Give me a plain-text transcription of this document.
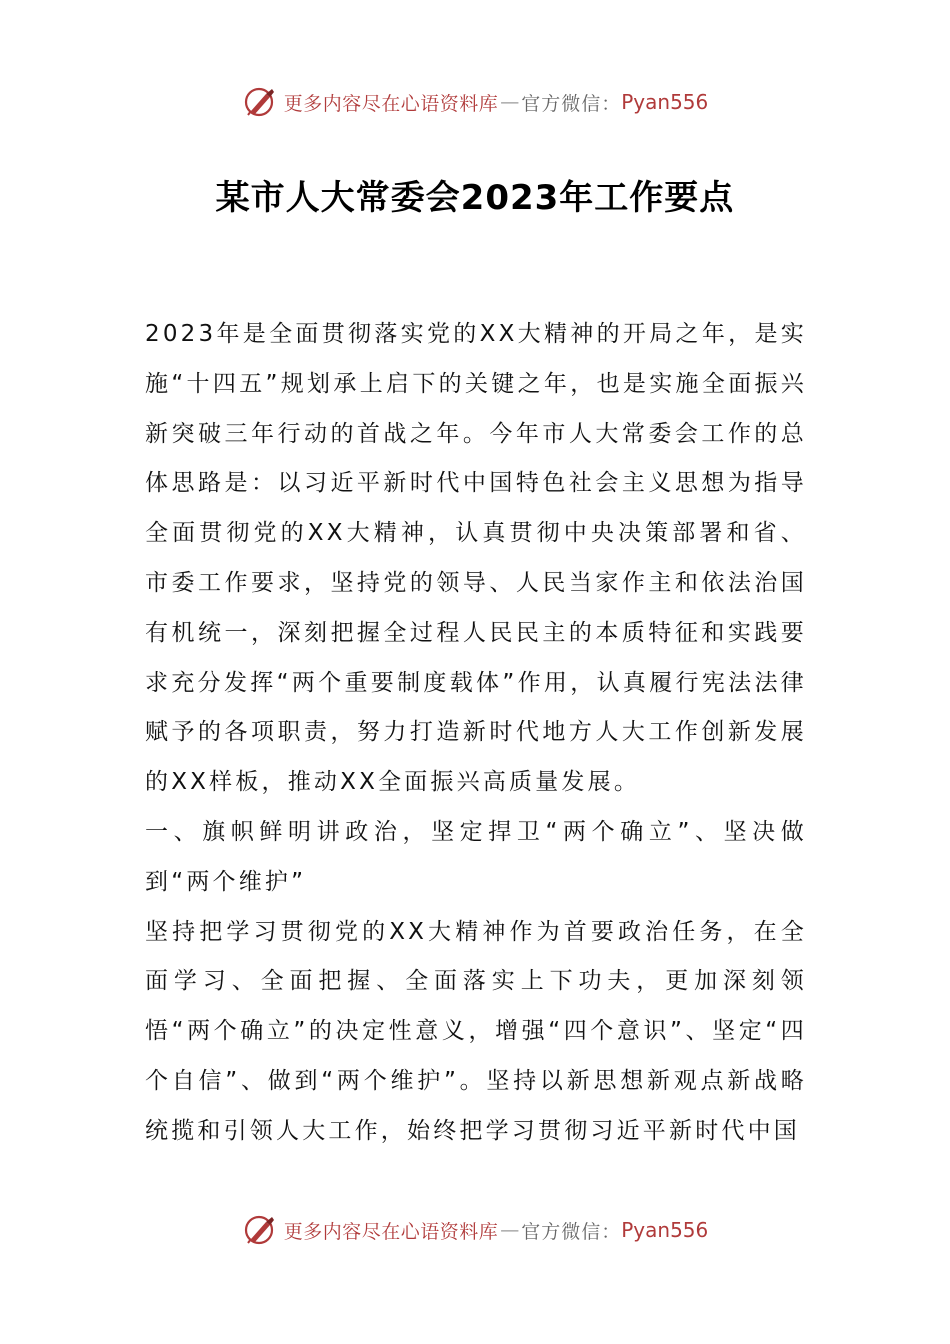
更多内容尽在心语资料库 — 官方微信： Pyan556
某市人大常委会2023年工作要点

2023年是全面贯彻落实党的XX大精神的开局之年，是实施“十四五”规划承上启下的关键之年，也是实施全面振兴新突破三年行动的首战之年。今年市人大常委会工作的总体思路是：以习近平新时代中国特色社会主义思想为指导全面贯彻党的XX大精神，认真贯彻中央决策部署和省、市委工作要求，坚持党的领导、人民当家作主和依法治国有机统一，深刻把握全过程人民民主的本质特征和实践要求充分发挥“两个重要制度载体”作用，认真履行宪法法律赋予的各项职责，努力打造新时代地方人大工作创新发展的XX样板，推动XX全面振兴高质量发展。

一、旗帜鲜明讲政治，坚定捍卫“两个确立”、坚决做到“两个维护”

坚持把学习贯彻党的XX大精神作为首要政治任务，在全面学习、全面把握、全面落实上下功夫，更加深刻领悟“两个确立”的决定性意义，增强“四个意识”、坚定“四个自信”、做到“两个维护”。坚持以新思想新观点新战略统揽和引领人大工作，始终把学习贯彻习近平新时代中国

更多内容尽在心语资料库 — 官方微信： Pyan556
